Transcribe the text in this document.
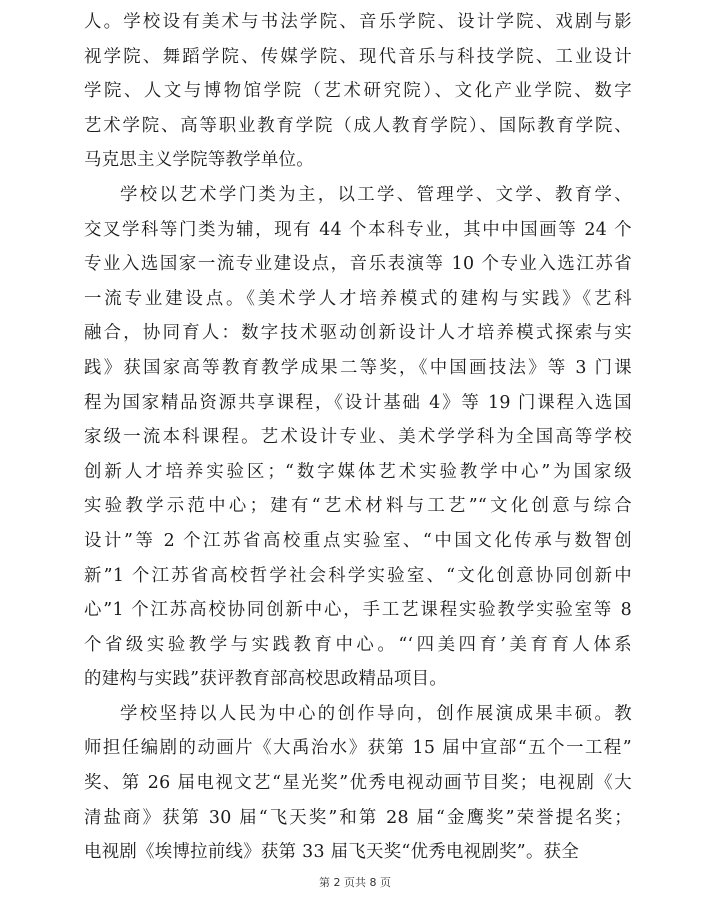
人。学校设有美术与书法学院、音乐学院、设计学院、戏剧与影
视学院、舞蹈学院、传媒学院、现代音乐与科技学院、工业设计
学院、人文与博物馆学院（艺术研究院）、文化产业学院、数字
艺术学院、高等职业教育学院（成人教育学院）、国际教育学院、
马克思主义学院等教学单位。
学校以艺术学门类为主，以工学、管理学、文学、教育学、
交叉学科等门类为辅，现有 44 个本科专业，其中中国画等 24 个
专业入选国家一流专业建设点，音乐表演等 10 个专业入选江苏省
一流专业建设点。《美术学人才培养模式的建构与实践》《艺科
融合，协同育人：数字技术驱动创新设计人才培养模式探索与实
践》获国家高等教育教学成果二等奖，《中国画技法》等 3 门课
程为国家精品资源共享课程，《设计基础 4》等 19 门课程入选国
家级一流本科课程。艺术设计专业、美术学学科为全国高等学校
创新人才培养实验区；“数字媒体艺术实验教学中心”为国家级
实验教学示范中心；建有“艺术材料与工艺”“文化创意与综合
设计”等 2 个江苏省高校重点实验室、“中国文化传承与数智创
新”1 个江苏省高校哲学社会科学实验室、“文化创意协同创新中
心”1 个江苏高校协同创新中心，手工艺课程实验教学实验室等 8
个省级实验教学与实践教育中心。“‘四美四育’美育育人体系
的建构与实践”获评教育部高校思政精品项目。
学校坚持以人民为中心的创作导向，创作展演成果丰硕。教
师担任编剧的动画片《大禹治水》获第 15 届中宣部“五个一工程”
奖、第 26 届电视文艺“星光奖”优秀电视动画节目奖；电视剧《大
清盐商》获第 30 届“飞天奖”和第 28 届“金鹰奖”荣誉提名奖；
电视剧《埃博拉前线》获第 33 届飞天奖“优秀电视剧奖”。获全
第 2 页共 8 页
